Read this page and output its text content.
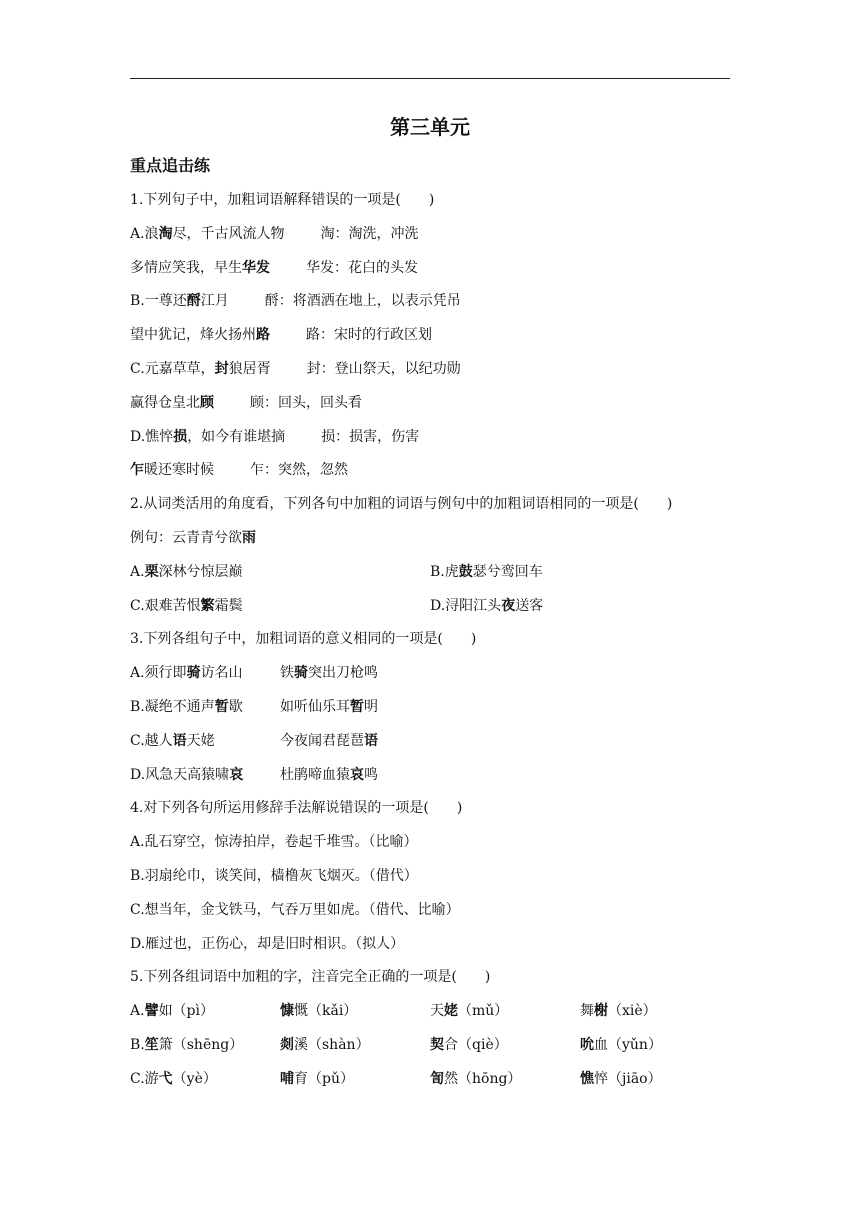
第三单元
重点追击练
1.下列句子中，加粗词语解释错误的一项是(　　)
A.浪淘尽，千古风流人物	淘：淘洗，冲洗
多情应笑我，早生华发	华发：花白的头发
B.一尊还酹江月	酹：将酒洒在地上，以表示凭吊
望中犹记，烽火扬州路	路：宋时的行政区划
C.元嘉草草，封狼居胥	封：登山祭天，以纪功勋
赢得仓皇北顾	顾：回头，回头看
D.憔悴损，如今有谁堪摘	损：损害，伤害
乍暖还寒时候	乍：突然，忽然
2.从词类活用的角度看，下列各句中加粗的词语与例句中的加粗词语相同的一项是(　　)
例句：云青青兮欲雨
A.栗深林兮惊层巅	B.虎鼓瑟兮鸾回车
C.艰难苦恨繁霜鬓	D.浔阳江头夜送客
3.下列各组句子中，加粗词语的意义相同的一项是(　　)
A.须行即骑访名山	铁骑突出刀枪鸣
B.凝绝不通声暂歇	如听仙乐耳暂明
C.越人语天姥	今夜闻君琵琶语
D.风急天高猿啸哀	杜鹃啼血猿哀鸣
4.对下列各句所运用修辞手法解说错误的一项是(　　)
A.乱石穿空，惊涛拍岸，卷起千堆雪。（比喻）
B.羽扇纶巾，谈笑间，樯橹灰飞烟灭。（借代）
C.想当年，金戈铁马，气吞万里如虎。（借代、比喻）
D.雁过也，正伤心，却是旧时相识。（拟人）
5.下列各组词语中加粗的字，注音完全正确的一项是(　　)
A.譬如（pì）	慷慨（kǎi）	天姥（mǔ）	舞榭（xiè）
B.笙箫（shēng）	剡溪（shàn）	契合（qiè）	吮血（yǔn）
C.游弋（yè）	哺育（pǔ）	訇然（hōng）	憔悴（jiāo）
